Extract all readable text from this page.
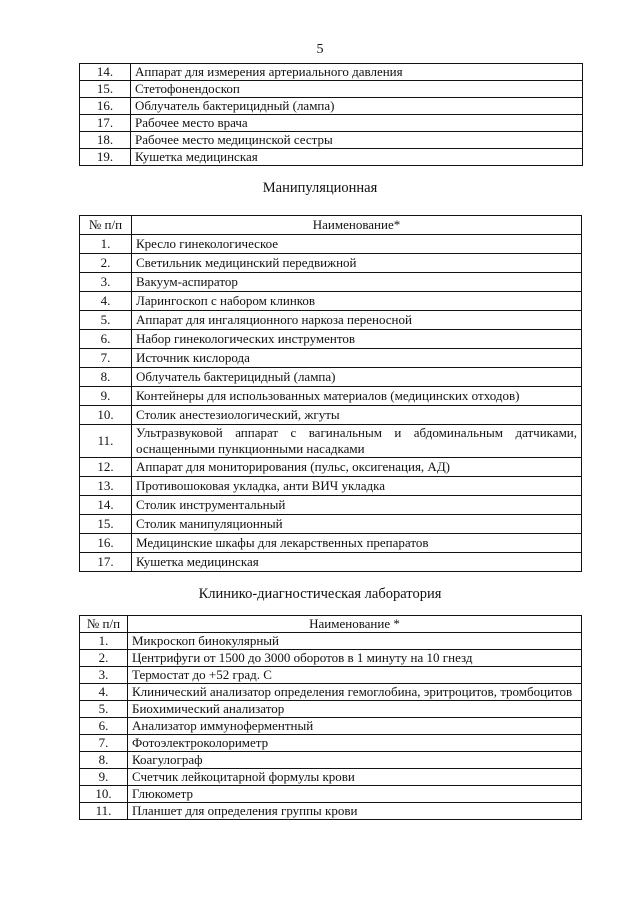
5
14.	Аппарат для измерения артериального давления
15.	Стетофонендоскоп
16.	Облучатель бактерицидный (лампа)
17.	Рабочее место врача
18.	Рабочее место медицинской сестры
19.	Кушетка медицинская
Манипуляционная
№ п/п	Наименование*
1.	Кресло гинекологическое
2.	Светильник медицинский передвижной
3.	Вакуум-аспиратор
4.	Ларингоскоп с набором клинков
5.	Аппарат для ингаляционного наркоза переносной
6.	Набор гинекологических инструментов
7.	Источник кислорода
8.	Облучатель бактерицидный (лампа)
9.	Контейнеры для использованных материалов (медицинских отходов)
10.	Столик анестезиологический, жгуты
11.	Ультразвуковой аппарат с вагинальным и абдоминальным датчиками, оснащенными пункционными насадками
12.	Аппарат для мониторирования (пульс, оксигенация, АД)
13.	Противошоковая укладка, анти ВИЧ укладка
14.	Столик инструментальный
15.	Столик манипуляционный
16.	Медицинские шкафы для лекарственных препаратов
17.	Кушетка медицинская
Клинико-диагностическая лаборатория
№ п/п	Наименование *
1.	Микроскоп бинокулярный
2.	Центрифуги от 1500 до 3000 оборотов в 1 минуту на 10 гнезд
3.	Термостат до +52 град. С
4.	Клинический анализатор определения гемоглобина, эритроцитов, тромбоцитов
5.	Биохимический анализатор
6.	Анализатор иммуноферментный
7.	Фотоэлектроколориметр
8.	Коагулограф
9.	Счетчик лейкоцитарной формулы крови
10.	Глюкометр
11.	Планшет для определения группы крови
